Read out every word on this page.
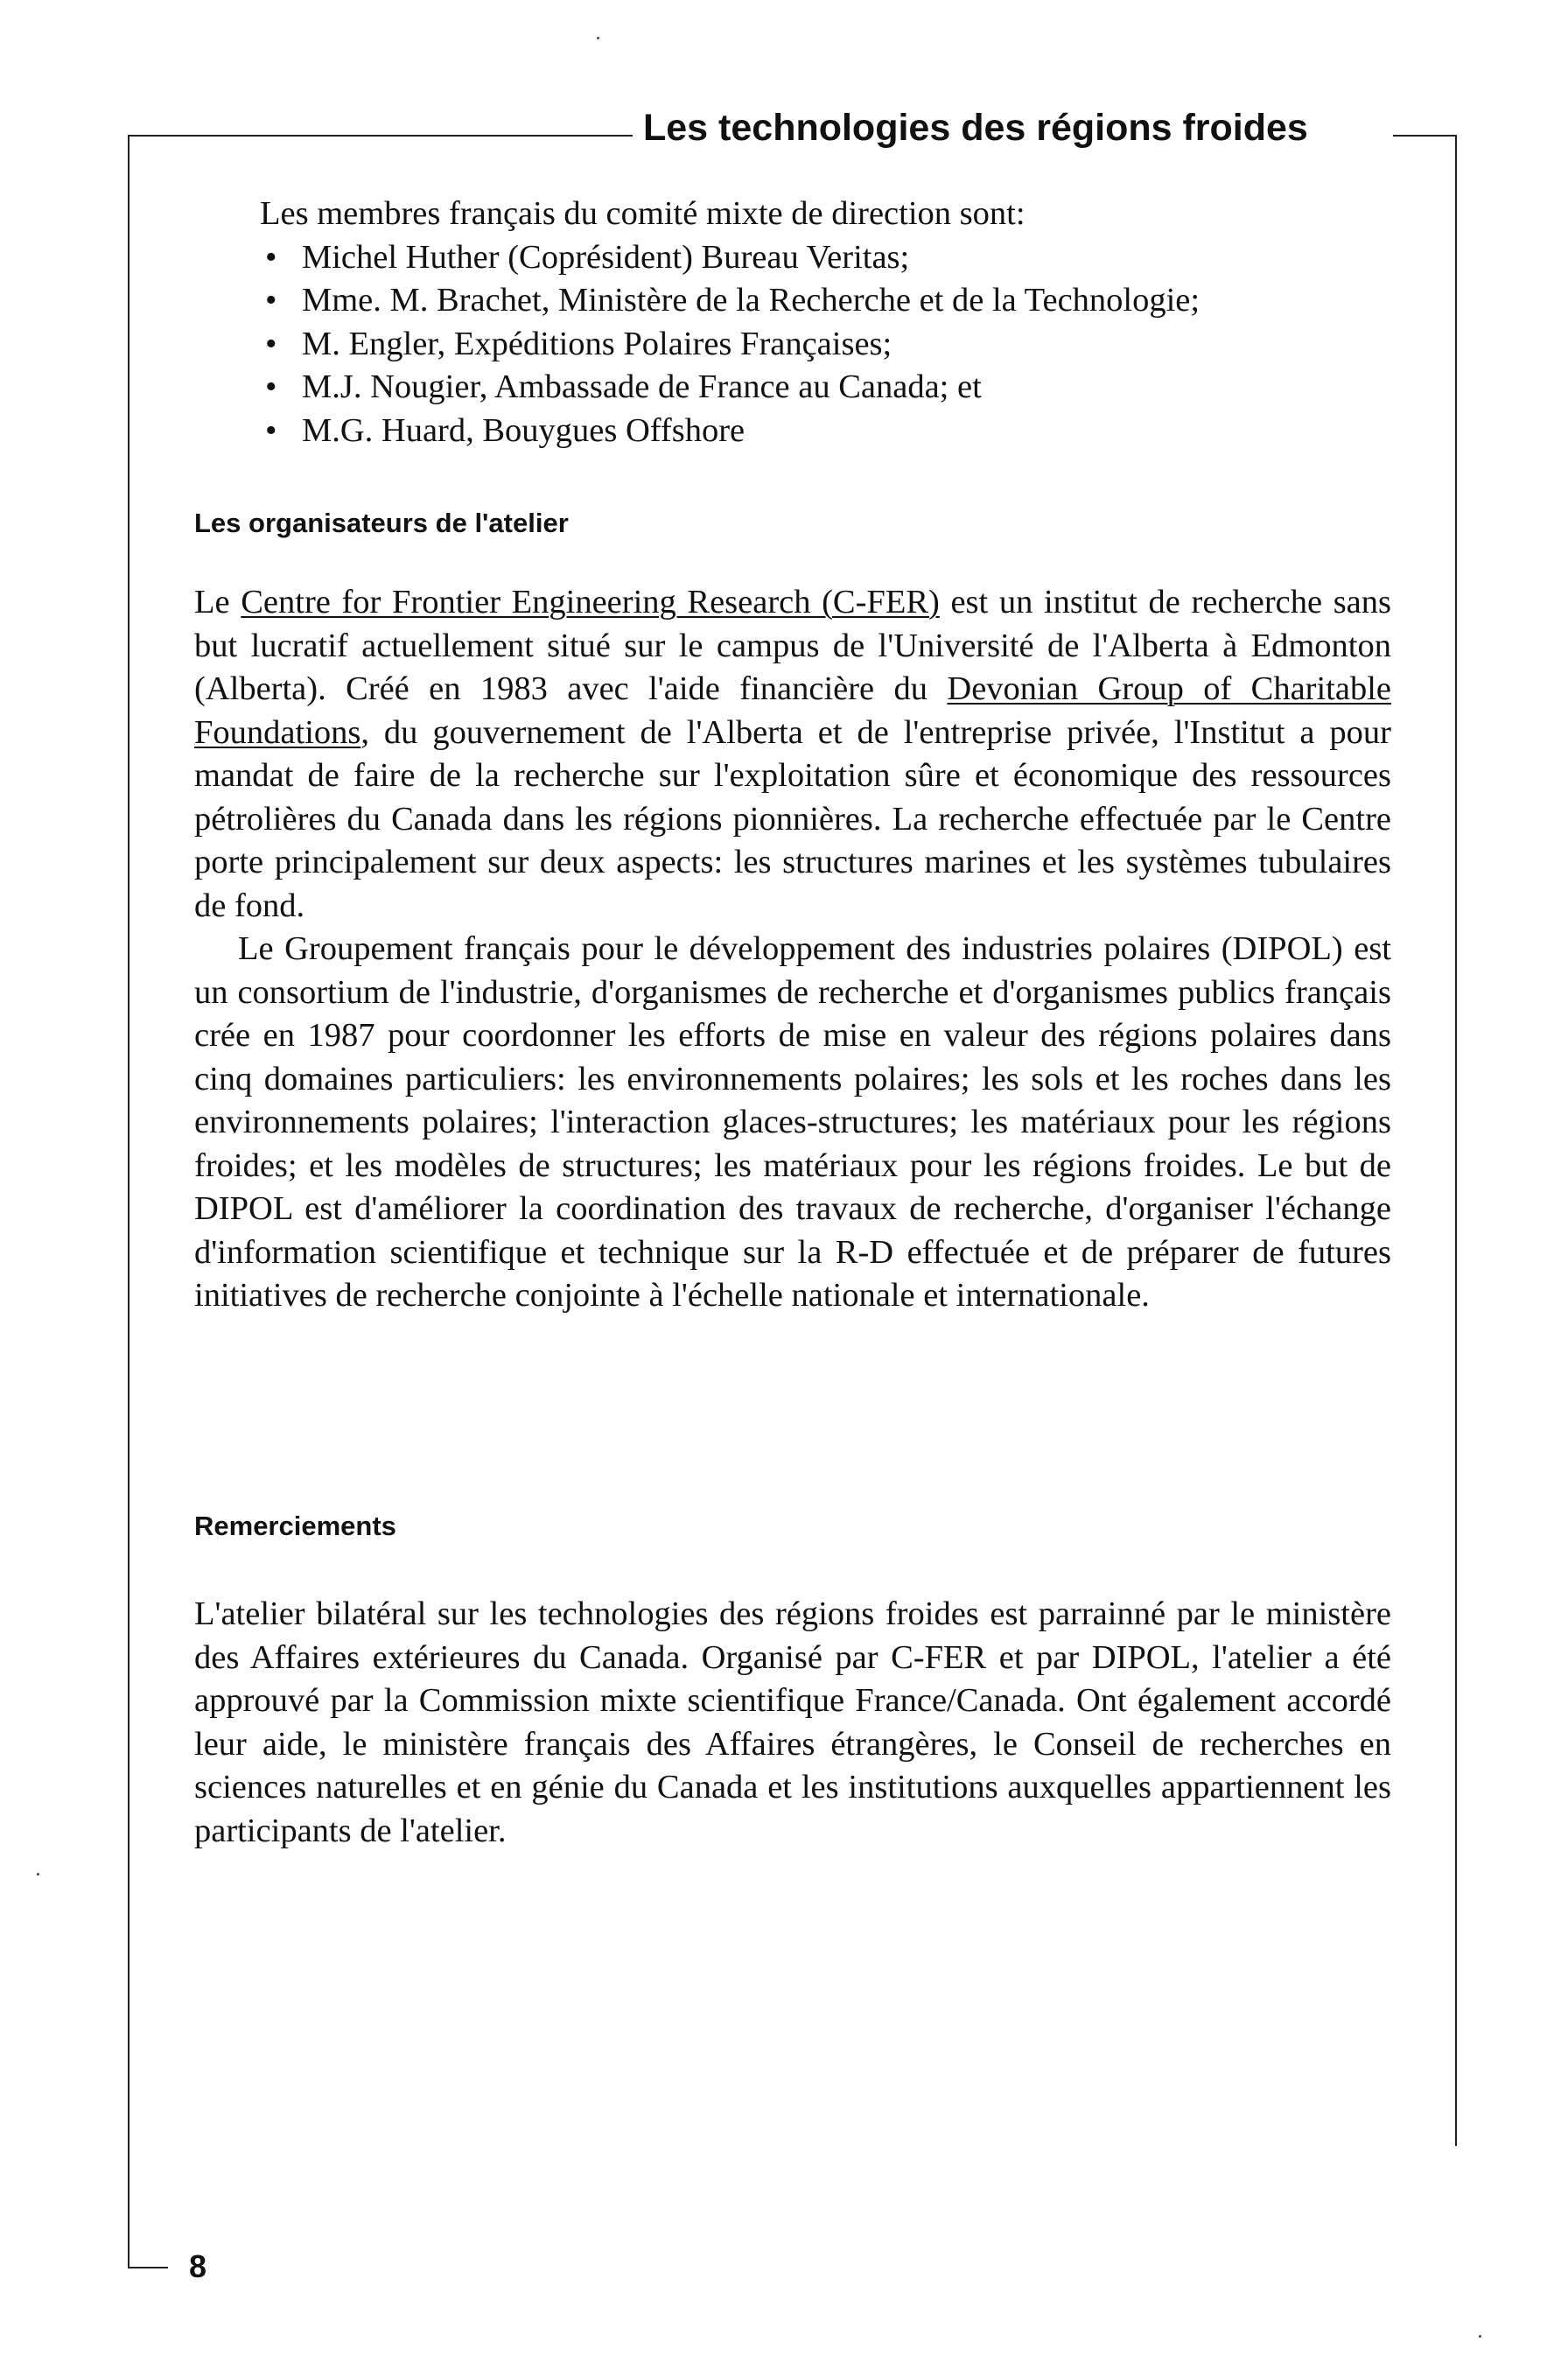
Les technologies des régions froides
Les membres français du comité mixte de direction sont:
• Michel Huther (Coprésident) Bureau Veritas;
• Mme. M. Brachet, Ministère de la Recherche et de la Technologie;
• M. Engler, Expéditions Polaires Françaises;
• M.J. Nougier, Ambassade de France au Canada; et
• M.G. Huard, Bouygues Offshore
Les organisateurs de l'atelier

Le Centre for Frontier Engineering Research (C-FER) est un institut de recherche sans but lucratif actuellement situé sur le campus de l'Université de l'Alberta à Edmonton (Alberta). Créé en 1983 avec l'aide financière du Devonian Group of Charitable Foundations, du gouvernement de l'Alberta et de l'entreprise privée, l'Institut a pour mandat de faire de la recherche sur l'exploitation sûre et économique des ressources pétrolières du Canada dans les régions pionnières. La recherche effectuée par le Centre porte principalement sur deux aspects: les structures marines et les systèmes tubulaires de fond.

Le Groupement français pour le développement des industries polaires (DIPOL) est un consortium de l'industrie, d'organismes de recherche et d'organismes publics français crée en 1987 pour coordonner les efforts de mise en valeur des régions polaires dans cinq domaines particuliers: les environnements polaires; les sols et les roches dans les environnements polaires; l'interaction glaces-structures; les matériaux pour les régions froides; et les modèles de structures; les matériaux pour les régions froides. Le but de DIPOL est d'améliorer la coordination des travaux de recherche, d'organiser l'échange d'information scientifique et technique sur la R-D effectuée et de préparer de futures initiatives de recherche conjointe à l'échelle nationale et internationale.

Remerciements

L'atelier bilatéral sur les technologies des régions froides est parrainné par le ministère des Affaires extérieures du Canada. Organisé par C-FER et par DIPOL, l'atelier a été approuvé par la Commission mixte scientifique France/Canada. Ont également accordé leur aide, le ministère français des Affaires étrangères, le Conseil de recherches en sciences naturelles et en génie du Canada et les institutions auxquelles appartiennent les participants de l'atelier.

8
